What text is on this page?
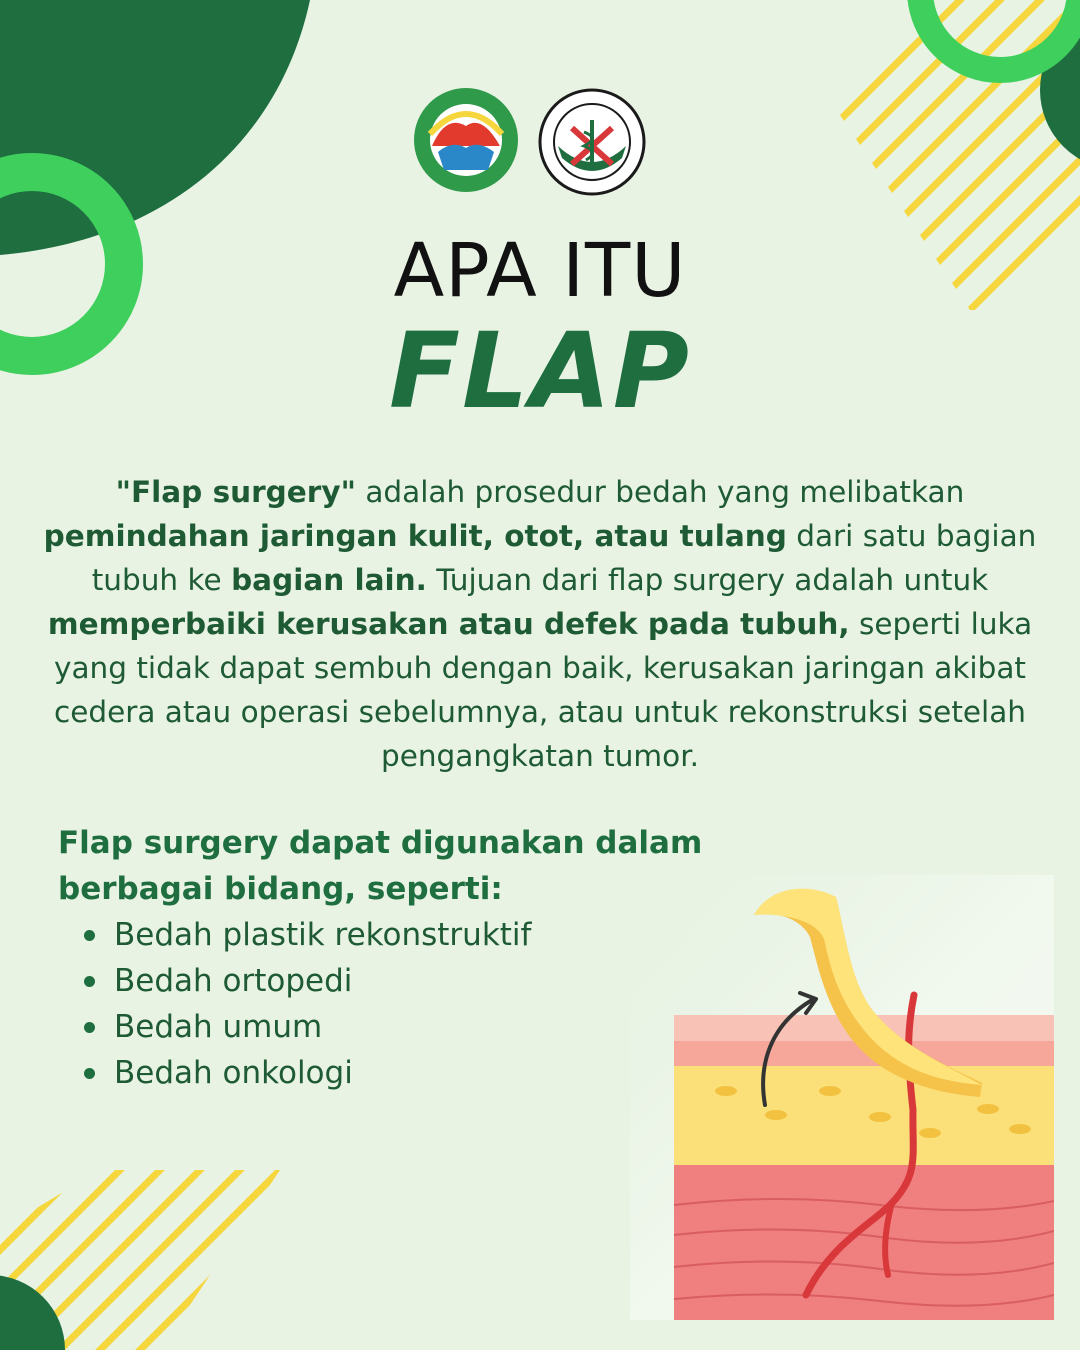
APA ITU
FLAP

"Flap surgery" adalah prosedur bedah yang melibatkan pemindahan jaringan kulit, otot, atau tulang dari satu bagian tubuh ke bagian lain. Tujuan dari flap surgery adalah untuk memperbaiki kerusakan atau defek pada tubuh, seperti luka yang tidak dapat sembuh dengan baik, kerusakan jaringan akibat cedera atau operasi sebelumnya, atau untuk rekonstruksi setelah pengangkatan tumor.

Flap surgery dapat digunakan dalam berbagai bidang, seperti:
Bedah plastik rekonstruktif
Bedah ortopedi
Bedah umum
Bedah onkologi
